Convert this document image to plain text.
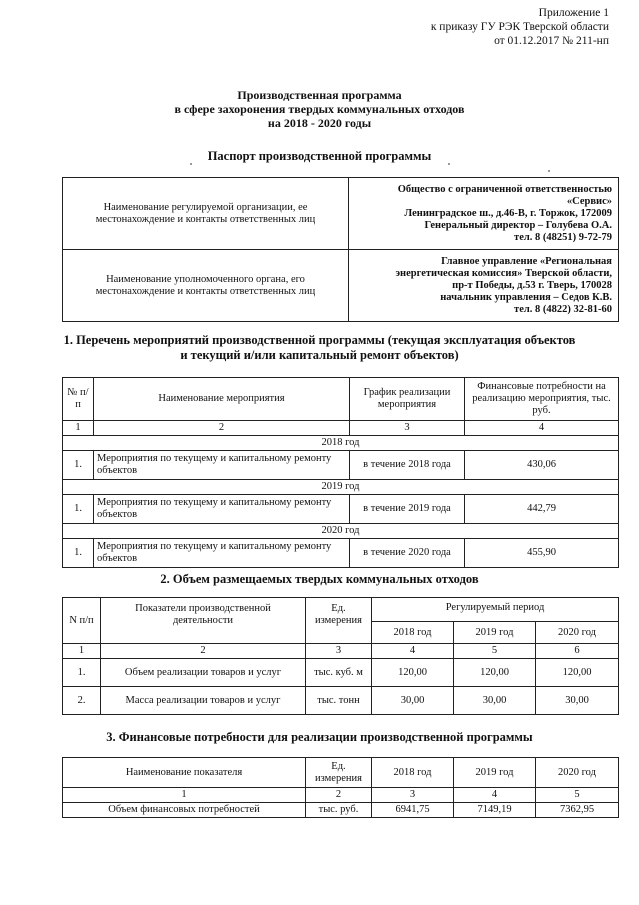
Приложение 1
к приказу ГУ РЭК Тверской области
от 01.12.2017 № 211-нп
Производственная программа
в сфере захоронения твердых коммунальных отходов
на 2018 - 2020 годы
Паспорт производственной программы
Наименование регулируемой организации, ее местонахождение и контакты ответственных лиц	Общество с ограниченной ответственностью
«Сервис»
Ленинградское ш., д.46-В, г. Торжок, 172009
Генеральный директор – Голубева О.А.
тел. 8 (48251) 9-72-79

Наименование уполномоченного органа, его местонахождение и контакты ответственных лиц	Главное управление «Региональная
энергетическая комиссия» Тверской области,
пр-т Победы, д.53 г. Тверь, 170028
начальник управления – Седов К.В.
тел. 8 (4822) 32-81-60
1. Перечень мероприятий производственной программы (текущая эксплуатация объектов
и текущий и/или капитальный ремонт объектов)
№ п/п	Наименование мероприятия	График реализации мероприятия	Финансовые потребности на реализацию мероприятия, тыс. руб.
1	2	3	4
2018 год			
1.	Мероприятия по текущему и капитальному ремонту объектов	в течение 2018 года	430,06
2019 год			
1.	Мероприятия по текущему и капитальному ремонту объектов	в течение 2019 года	442,79
2020 год			
1.	Мероприятия по текущему и капитальному ремонту объектов	в течение 2020 года	455,90
2. Объем размещаемых твердых коммунальных отходов
N п/п	Показатели производственной деятельности	Ед. измерения	Регулируемый период		
			2018 год	2019 год	2020 год
1	2	3	4	5	6
1.	Объем реализации товаров и услуг	тыс. куб. м	120,00	120,00	120,00
2.	Масса реализации товаров и услуг	тыс. тонн	30,00	30,00	30,00
3. Финансовые потребности для реализации производственной программы
Наименование показателя	Ед. измерения	2018 год	2019 год	2020 год
1	2	3	4	5
Объем финансовых потребностей	тыс. руб.	6941,75	7149,19	7362,95
